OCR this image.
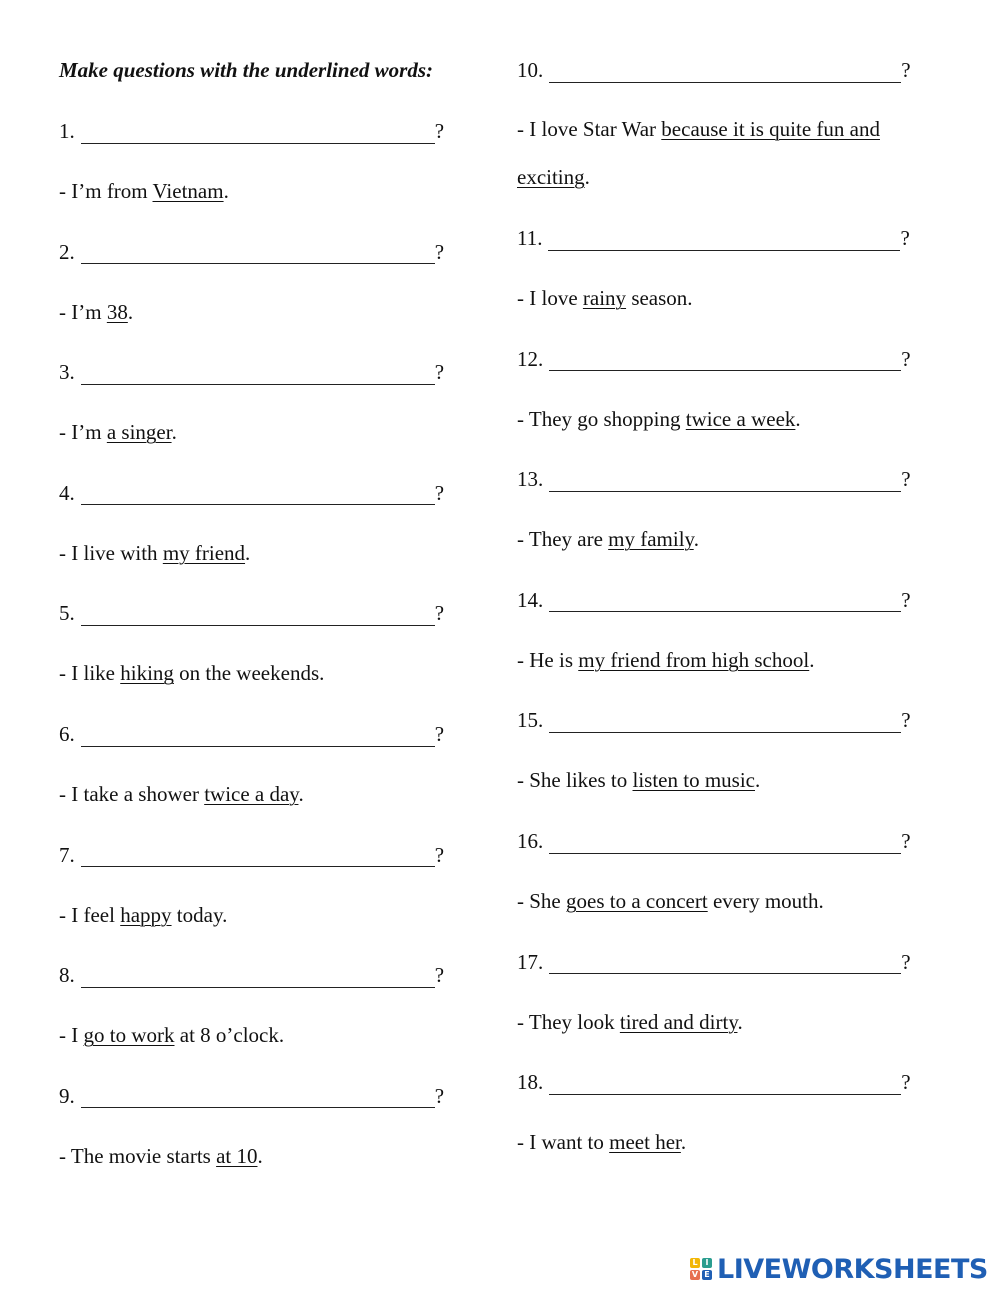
Make questions with the underlined words:
1.	?
- I’m from Vietnam.
2.	?
- I’m 38.
3.	?
- I’m a singer.
4.	?
- I live with my friend.
5.	?
- I like hiking on the weekends.
6.	?
- I take a shower twice a day.
7.	?
- I feel happy today.
8.	?
- I go to work at 8 o’clock.
9.	?
- The movie starts at 10.
10.	?
- I love Star War because it is quite fun and exciting.
11.	?
- I love rainy season.
12.	?
- They go shopping twice a week.
13.	?
- They are my family.
14.	?
- He is my friend from high school.
15.	?
- She likes to listen to music.
16.	?
- She goes to a concert every mouth.
17.	?
- They look tired and dirty.
18.	?
- I want to meet her.
L I
V E LIVEWORKSHEETS
